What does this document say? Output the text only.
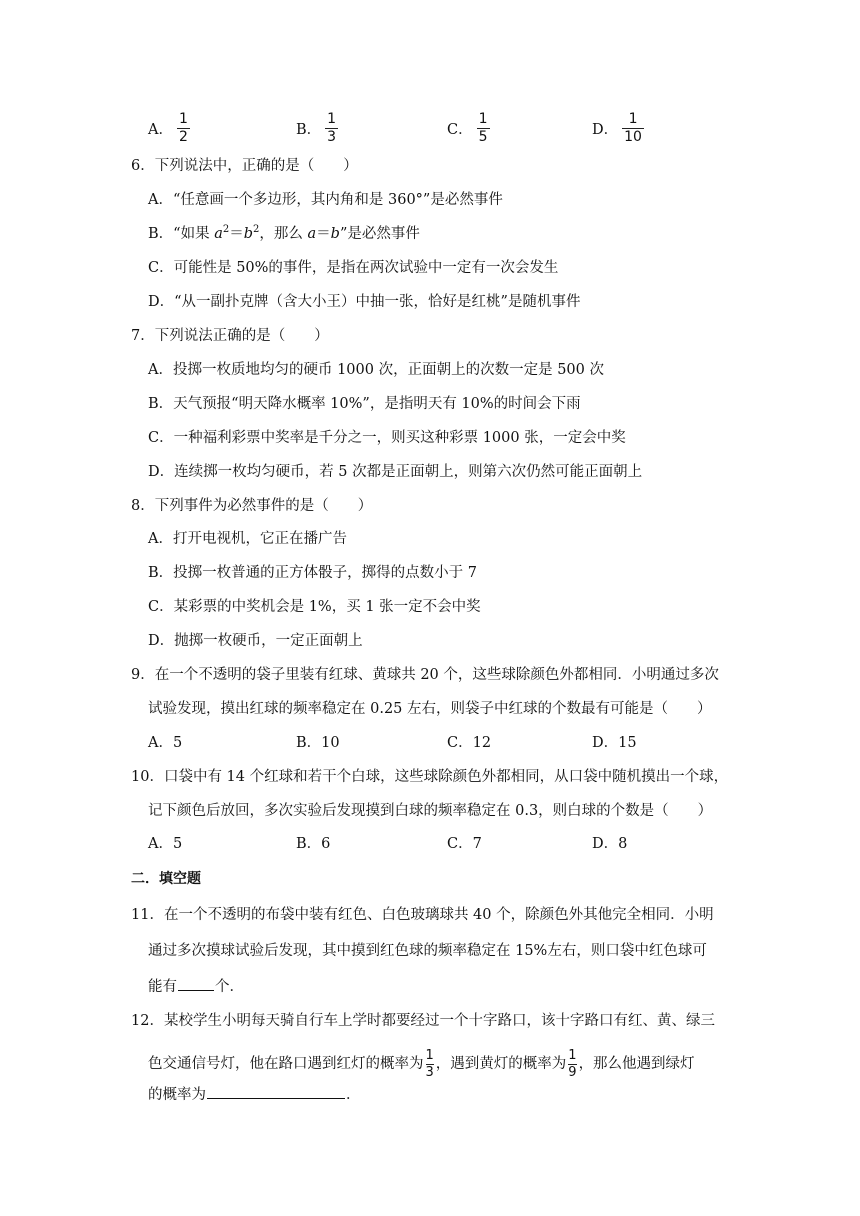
A． $\frac{1}{2}$	B． $\frac{1}{3}$	C． $\frac{1}{5}$	D． $\frac{1}{10}$
6．下列说法中，正确的是（　　）
A．“任意画一个多边形，其内角和是 360°”是必然事件
B．“如果 $a^2=b^2$，那么 a＝b”是必然事件
C．可能性是 50%的事件，是指在两次试验中一定有一次会发生
D．“从一副扑克牌（含大小王）中抽一张，恰好是红桃”是随机事件
7．下列说法正确的是（　　）
A．投掷一枚质地均匀的硬币 1000 次，正面朝上的次数一定是 500 次
B．天气预报“明天降水概率 10%”，是指明天有 10%的时间会下雨
C．一种福利彩票中奖率是千分之一，则买这种彩票 1000 张，一定会中奖
D．连续掷一枚均匀硬币，若 5 次都是正面朝上，则第六次仍然可能正面朝上
8．下列事件为必然事件的是（　　）
A．打开电视机，它正在播广告
B．投掷一枚普通的正方体骰子，掷得的点数小于 7
C．某彩票的中奖机会是 1%，买 1 张一定不会中奖
D．抛掷一枚硬币，一定正面朝上
9．在一个不透明的袋子里装有红球、黄球共 20 个，这些球除颜色外都相同．小明通过多次
试验发现，摸出红球的频率稳定在 0.25 左右，则袋子中红球的个数最有可能是（　　）
A．5	B．10	C．12	D．15
10．口袋中有 14 个红球和若干个白球，这些球除颜色外都相同，从口袋中随机摸出一个球，
记下颜色后放回，多次实验后发现摸到白球的频率稳定在 0.3，则白球的个数是（　　）
A．5	B．6	C．7	D．8
二．填空题
11．在一个不透明的布袋中装有红色、白色玻璃球共 40 个，除颜色外其他完全相同．小明
通过多次摸球试验后发现，其中摸到红色球的频率稳定在 15%左右，则口袋中红色球可
能有	个．
12．某校学生小明每天骑自行车上学时都要经过一个十字路口，该十字路口有红、黄、绿三
色交通信号灯，他在路口遇到红灯的概率为 $\frac{1}{3}$ ，遇到黄灯的概率为 $\frac{1}{9}$ ，那么他遇到绿灯
的概率为	．
